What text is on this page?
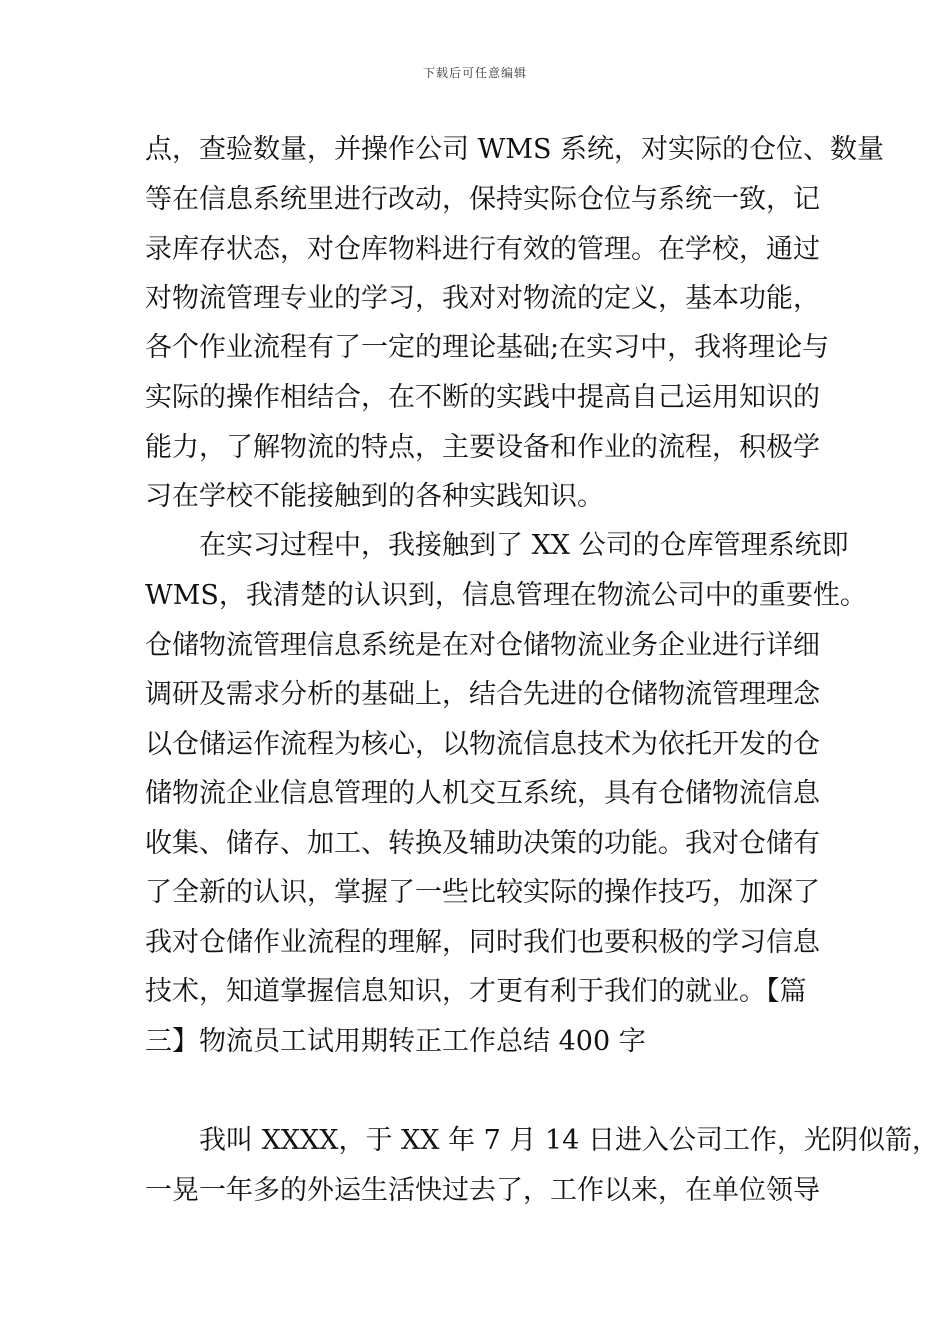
下载后可任意编辑
点，查验数量，并操作公司 WMS 系统，对实际的仓位、数量
等在信息系统里进行改动，保持实际仓位与系统一致，记
录库存状态，对仓库物料进行有效的管理。在学校，通过
对物流管理专业的学习，我对对物流的定义，基本功能，
各个作业流程有了一定的理论基础;在实习中，我将理论与
实际的操作相结合，在不断的实践中提高自己运用知识的
能力，了解物流的特点，主要设备和作业的流程，积极学
习在学校不能接触到的各种实践知识。
　　在实习过程中，我接触到了 XX 公司的仓库管理系统即
WMS，我清楚的认识到，信息管理在物流公司中的重要性。
仓储物流管理信息系统是在对仓储物流业务企业进行详细
调研及需求分析的基础上，结合先进的仓储物流管理理念
以仓储运作流程为核心，以物流信息技术为依托开发的仓
储物流企业信息管理的人机交互系统，具有仓储物流信息
收集、储存、加工、转换及辅助决策的功能。我对仓储有
了全新的认识，掌握了一些比较实际的操作技巧，加深了
我对仓储作业流程的理解，同时我们也要积极的学习信息
技术，知道掌握信息知识，才更有利于我们的就业。【篇
三】物流员工试用期转正工作总结 400 字
　　我叫 XXXX，于 XX 年 7 月 14 日进入公司工作，光阴似箭，
一晃一年多的外运生活快过去了，工作以来，在单位领导
